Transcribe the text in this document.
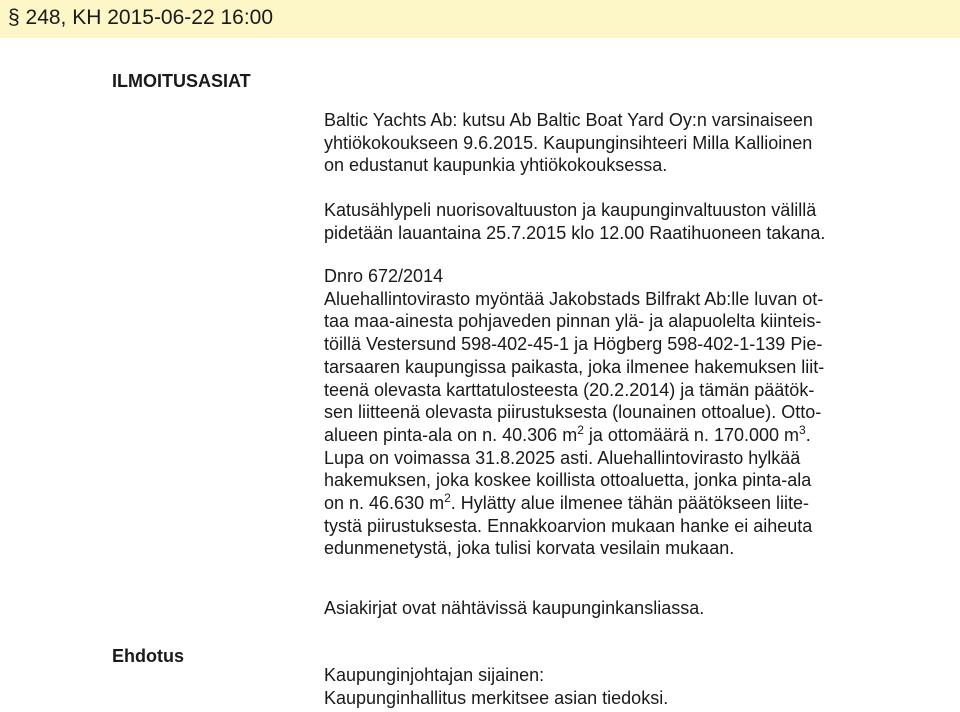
§ 248, KH 2015-06-22 16:00
ILMOITUSASIAT
Baltic Yachts Ab: kutsu Ab Baltic Boat Yard Oy:n varsinaiseen
yhtiökokoukseen 9.6.2015. Kaupunginsihteeri Milla Kallioinen
on edustanut kaupunkia yhtiökokouksessa.
Katusählypeli nuorisovaltuuston ja kaupunginvaltuuston välillä
pidetään lauantaina 25.7.2015 klo 12.00 Raatihuoneen takana.
Dnro 672/2014
Aluehallintovirasto myöntää Jakobstads Bilfrakt Ab:lle luvan ot-
taa maa-ainesta pohjaveden pinnan ylä- ja alapuolelta kiinteis-
töillä Vestersund 598-402-45-1 ja Högberg 598-402-1-139 Pie-
tarsaaren kaupungissa paikasta, joka ilmenee hakemuksen liit-
teenä olevasta karttatulosteesta (20.2.2014) ja tämän päätök-
sen liitteenä olevasta piirustuksesta (lounainen ottoalue). Otto-
alueen pinta-ala on n. 40.306 $m^2$ ja ottomäärä n. 170.000 $m^3$.
Lupa on voimassa 31.8.2025 asti. Aluehallintovirasto hylkää
hakemuksen, joka koskee koillista ottoaluetta, jonka pinta-ala
on n. 46.630 $m^2$. Hylätty alue ilmenee tähän päätökseen liite-
tystä piirustuksesta. Ennakkoarvion mukaan hanke ei aiheuta
edunmenetystä, joka tulisi korvata vesilain mukaan.
Asiakirjat ovat nähtävissä kaupunginkansliassa.
Ehdotus
Kaupunginjohtajan sijainen:
Kaupunginhallitus merkitsee asian tiedoksi.
